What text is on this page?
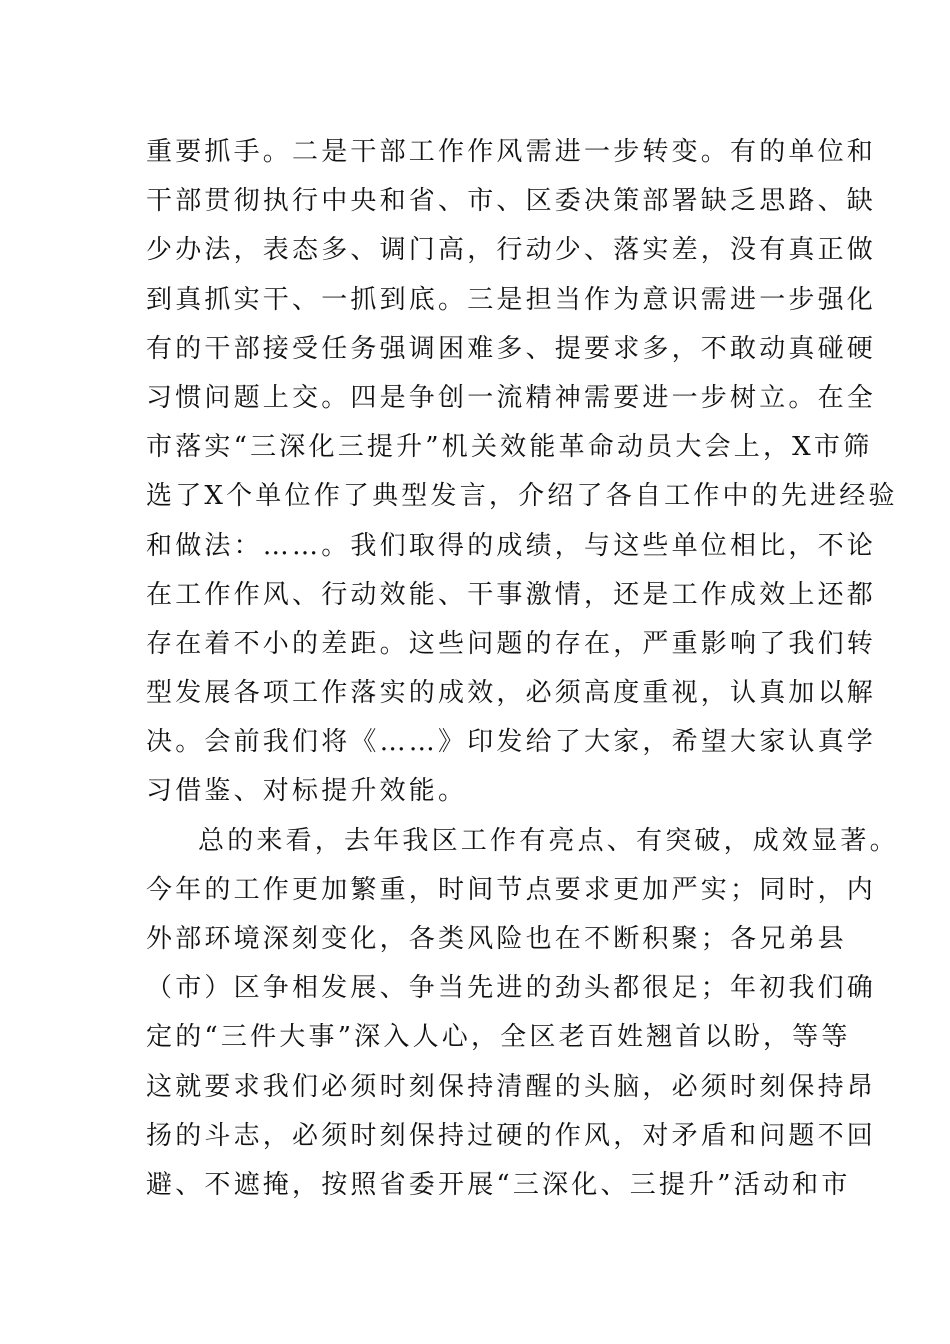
重要抓手。二是干部工作作风需进一步转变。有的单位和
干部贯彻执行中央和省、市、区委决策部署缺乏思路、缺
少办法，表态多、调门高，行动少、落实差，没有真正做
到真抓实干、一抓到底。三是担当作为意识需进一步强化
有的干部接受任务强调困难多、提要求多，不敢动真碰硬
习惯问题上交。四是争创一流精神需要进一步树立。在全
市落实“三深化三提升”机关效能革命动员大会上，X市筛
选了X个单位作了典型发言，介绍了各自工作中的先进经验
和做法：……。我们取得的成绩，与这些单位相比，不论
在工作作风、行动效能、干事激情，还是工作成效上还都
存在着不小的差距。这些问题的存在，严重影响了我们转
型发展各项工作落实的成效，必须高度重视，认真加以解
决。会前我们将《……》印发给了大家，希望大家认真学
习借鉴、对标提升效能。
总的来看，去年我区工作有亮点、有突破，成效显著。
今年的工作更加繁重，时间节点要求更加严实；同时，内
外部环境深刻变化，各类风险也在不断积聚；各兄弟县
（市）区争相发展、争当先进的劲头都很足；年初我们确
定的“三件大事”深入人心，全区老百姓翘首以盼，等等
这就要求我们必须时刻保持清醒的头脑，必须时刻保持昂
扬的斗志，必须时刻保持过硬的作风，对矛盾和问题不回
避、不遮掩，按照省委开展“三深化、三提升”活动和市
